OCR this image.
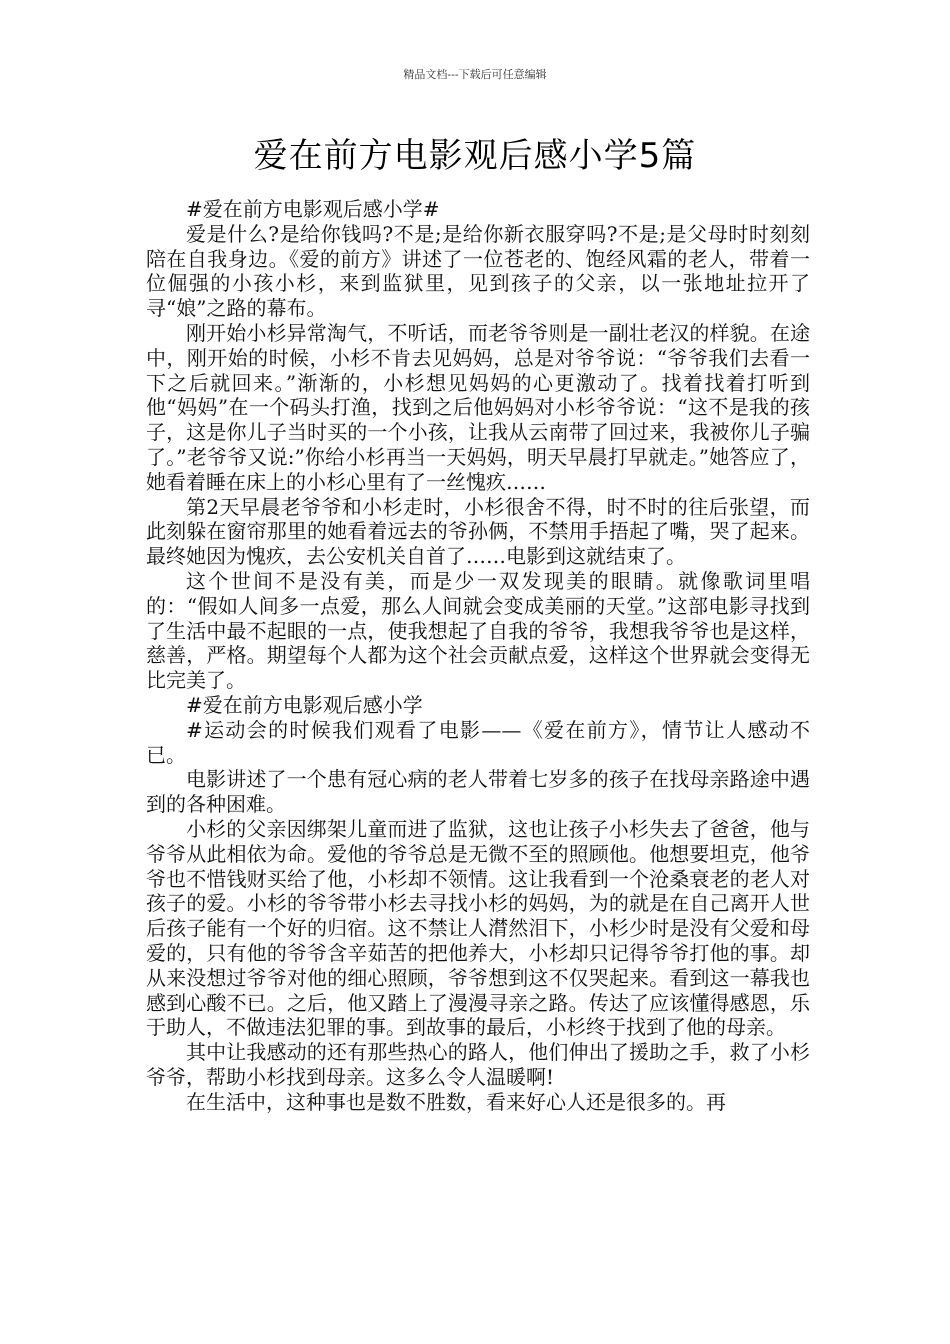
精品文档---下载后可任意编辑
爱在前方电影观后感小学5篇

#爱在前方电影观后感小学#

爱是什么?是给你钱吗?不是;是给你新衣服穿吗?不是;是父母时时刻刻陪在自我身边。《爱的前方》讲述了一位苍老的、饱经风霜的老人，带着一位倔强的小孩小杉，来到监狱里，见到孩子的父亲，以一张地址拉开了寻“娘”之路的幕布。

刚开始小杉异常淘气，不听话，而老爷爷则是一副壮老汉的样貌。在途中，刚开始的时候，小杉不肯去见妈妈，总是对爷爷说：“爷爷我们去看一下之后就回来。”渐渐的，小杉想见妈妈的心更激动了。找着找着打听到他“妈妈”在一个码头打渔，找到之后他妈妈对小杉爷爷说：“这不是我的孩子，这是你儿子当时买的一个小孩，让我从云南带了回过来，我被你儿子骗了。”老爷爷又说:”你给小杉再当一天妈妈，明天早晨打早就走。”她答应了，她看着睡在床上的小杉心里有了一丝愧疚……

第2天早晨老爷爷和小杉走时，小杉很舍不得，时不时的往后张望，而此刻躲在窗帘那里的她看着远去的爷孙俩，不禁用手捂起了嘴，哭了起来。最终她因为愧疚，去公安机关自首了……电影到这就结束了。

这个世间不是没有美，而是少一双发现美的眼睛。就像歌词里唱的：“假如人间多一点爱，那么人间就会变成美丽的天堂。”这部电影寻找到了生活中最不起眼的一点，使我想起了自我的爷爷，我想我爷爷也是这样，慈善，严格。期望每个人都为这个社会贡献点爱，这样这个世界就会变得无比完美了。

#爱在前方电影观后感小学

#运动会的时候我们观看了电影——《爱在前方》，情节让人感动不已。

电影讲述了一个患有冠心病的老人带着七岁多的孩子在找母亲路途中遇到的各种困难。

小杉的父亲因绑架儿童而进了监狱，这也让孩子小杉失去了爸爸，他与爷爷从此相依为命。爱他的爷爷总是无微不至的照顾他。他想要坦克，他爷爷也不惜钱财买给了他，小杉却不领情。这让我看到一个沧桑衰老的老人对孩子的爱。小杉的爷爷带小杉去寻找小杉的妈妈，为的就是在自己离开人世后孩子能有一个好的归宿。这不禁让人潸然泪下，小杉少时是没有父爱和母爱的，只有他的爷爷含辛茹苦的把他养大，小杉却只记得爷爷打他的事。却从来没想过爷爷对他的细心照顾，爷爷想到这不仅哭起来。看到这一幕我也感到心酸不已。之后，他又踏上了漫漫寻亲之路。传达了应该懂得感恩，乐于助人，不做违法犯罪的事。到故事的最后，小杉终于找到了他的母亲。

其中让我感动的还有那些热心的路人，他们伸出了援助之手，救了小杉爷爷，帮助小杉找到母亲。这多么令人温暖啊!

在生活中，这种事也是数不胜数，看来好心人还是很多的。再
